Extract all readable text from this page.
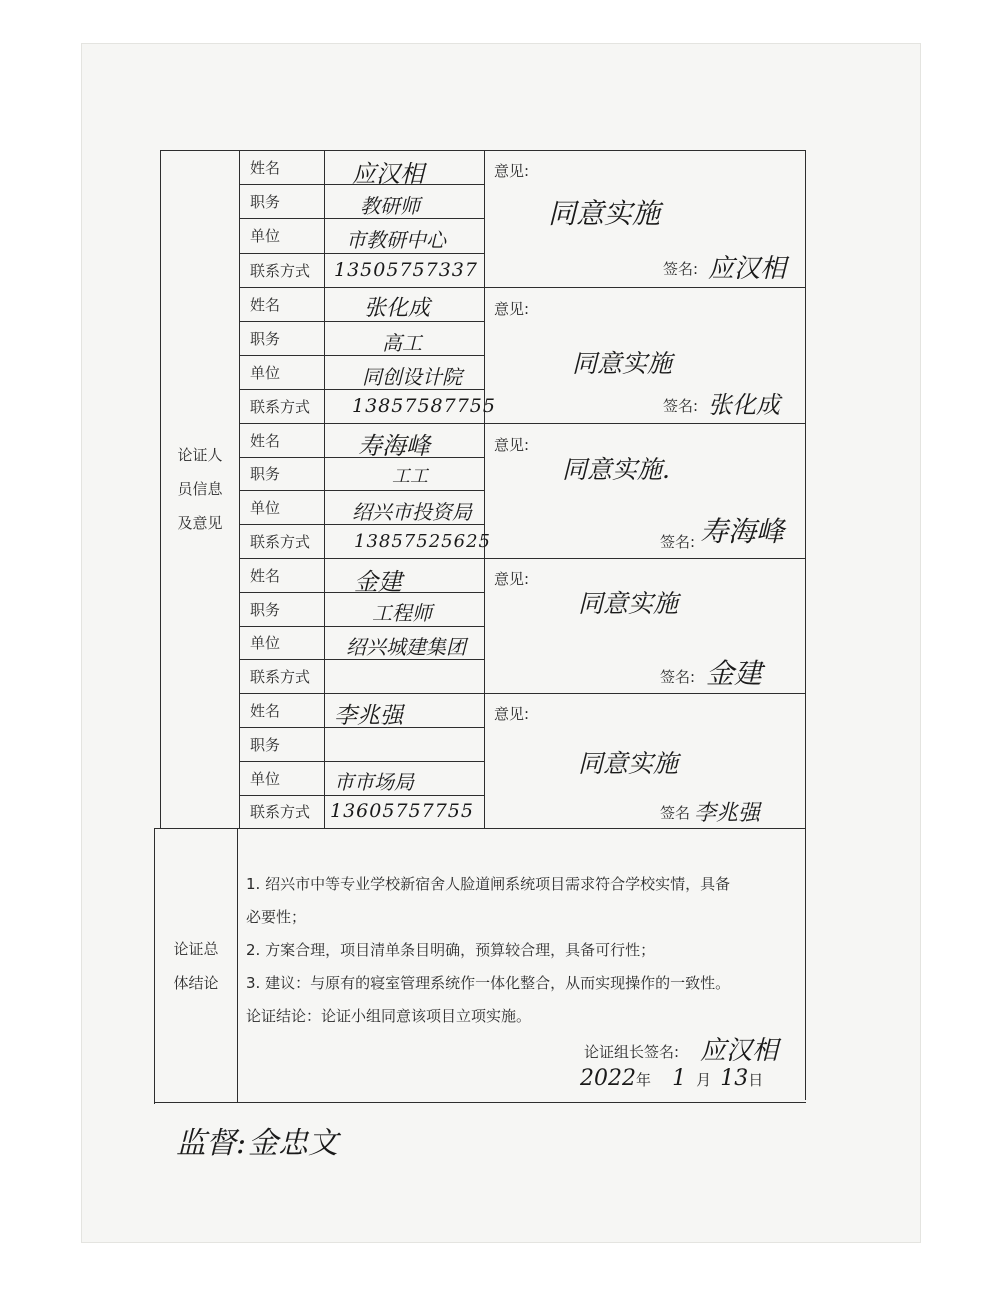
论证人
员信息
及意见
论证总
体结论
姓名
职务
单位
联系方式
应汉相
教研师
市教研中心
13505757337
意见:
同意实施
签名: 应汉相
姓名
职务
单位
联系方式
张化成
高工
同创设计院
13857587755
意见:
同意实施
签名: 张化成
姓名
职务
单位
联系方式
寿海峰
工工
绍兴市投资局
13857525625
意见:
同意实施.
签名: 寿海峰
姓名
职务
单位
联系方式
金建
工程师
绍兴城建集团
意见:
同意实施
签名: 金建
姓名
职务
单位
联系方式
李兆强
市市场局
13605757755
意见:
同意实施
签名 李兆强
1. 绍兴市中等专业学校新宿舍人脸道闸系统项目需求符合学校实情，具备
必要性；
2. 方案合理，项目清单条目明确，预算较合理，具备可行性；
3. 建议：与原有的寝室管理系统作一体化整合，从而实现操作的一致性。
论证结论：论证小组同意该项目立项实施。
论证组长签名: 应汉相
2022年 1 月 13日
监督: 金忠文
